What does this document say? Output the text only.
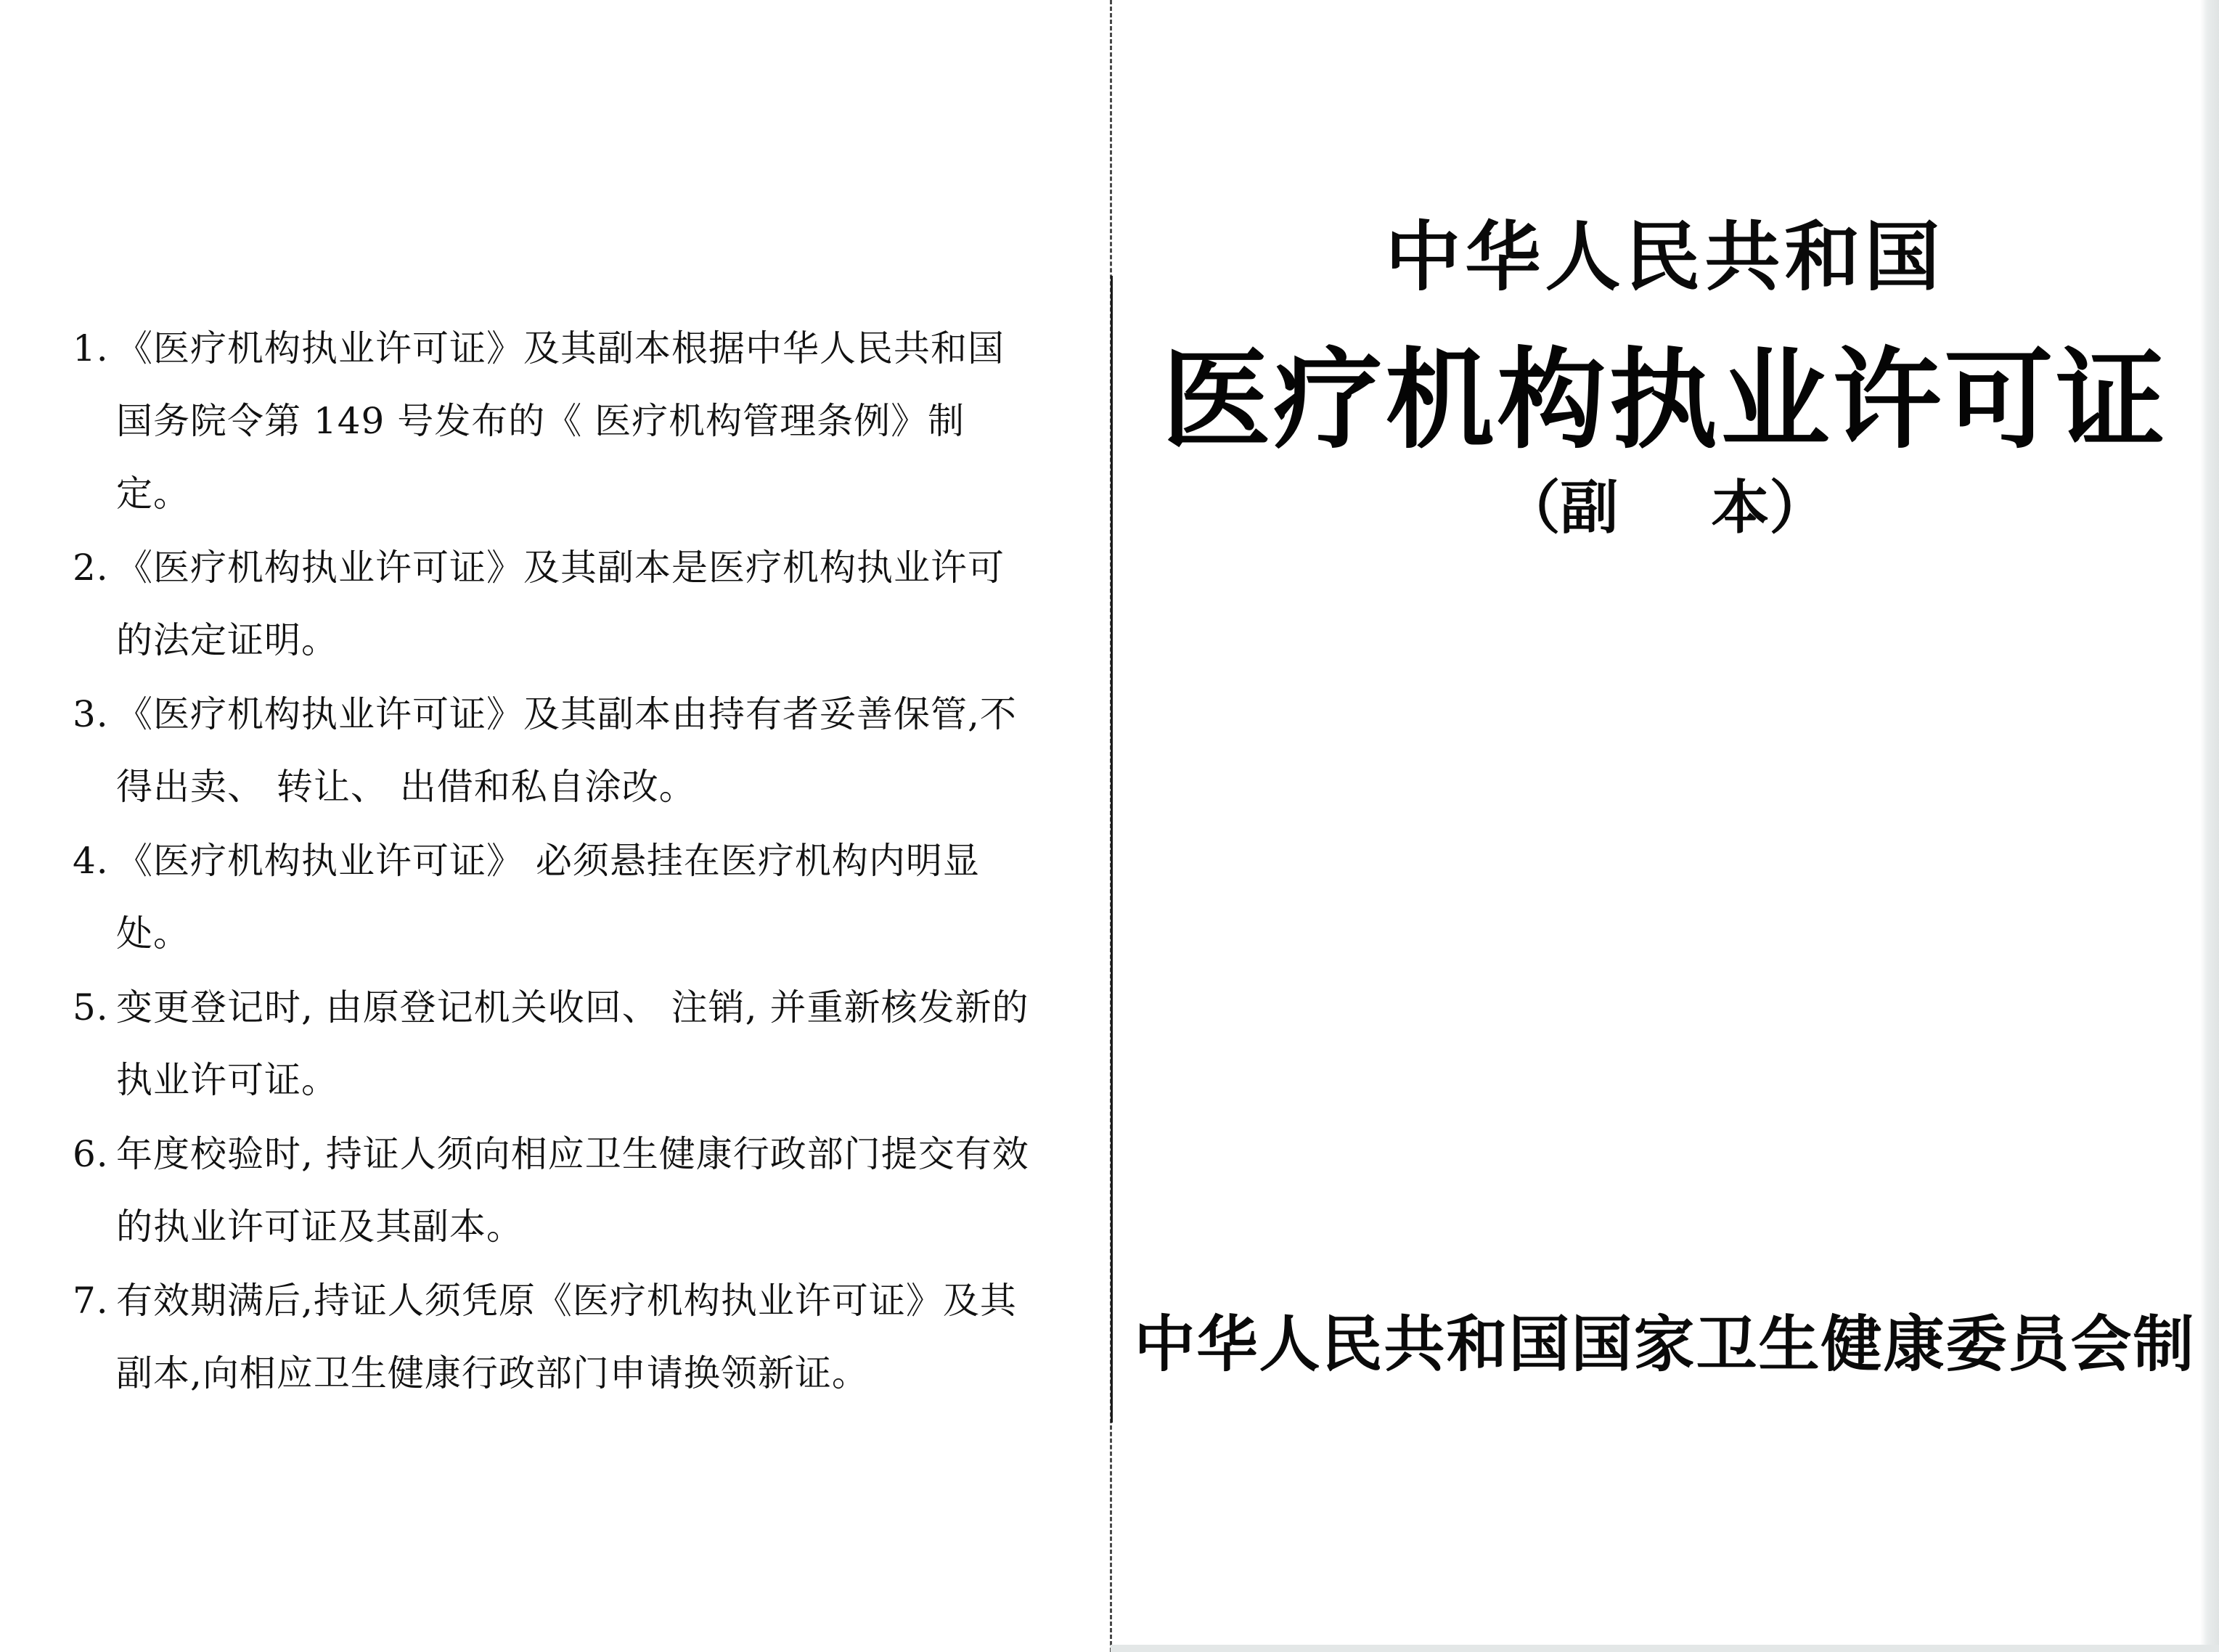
1. 《医疗机构执业许可证》及其副本根据中华人民共和国国务院令第 149 号发布的《 医疗机构管理条例》制定。
2. 《医疗机构执业许可证》及其副本是医疗机构执业许可的法定证明。
3. 《医疗机构执业许可证》及其副本由持有者妥善保管,不得出卖、 转让、 出借和私自涂改。
4. 《医疗机构执业许可证》 必须悬挂在医疗机构内明显处。
5. 变更登记时, 由原登记机关收回、 注销, 并重新核发新的执业许可证。
6. 年度校验时, 持证人须向相应卫生健康行政部门提交有效的执业许可证及其副本。
7. 有效期满后,持证人须凭原《医疗机构执业许可证》及其副本,向相应卫生健康行政部门申请换领新证。
中华人民共和国
医疗机构执业许可证
（副 本）
中华人民共和国国家卫生健康委员会制
